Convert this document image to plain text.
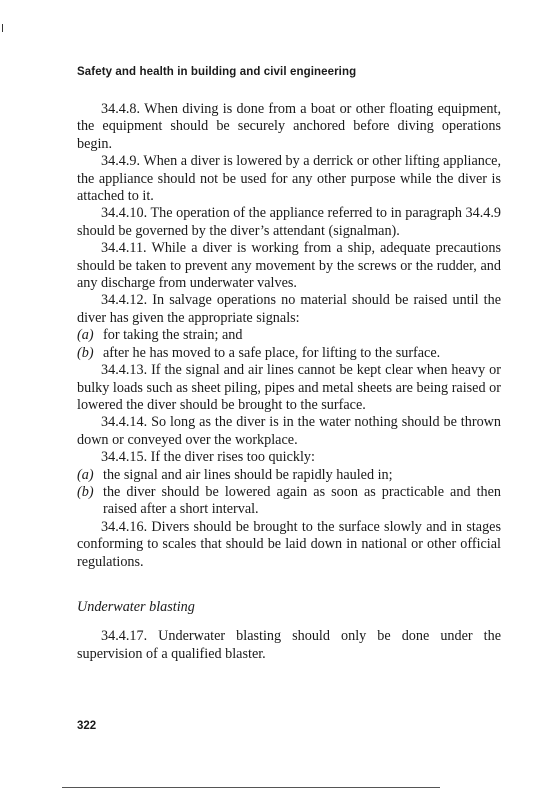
Safety and health in building and civil engineering

34.4.8. When diving is done from a boat or other floating equipment, the equipment should be securely anchored before diving operations begin.

34.4.9. When a diver is lowered by a derrick or other lifting appliance, the appliance should not be used for any other purpose while the diver is attached to it.

34.4.10. The operation of the appliance referred to in paragraph 34.4.9 should be governed by the diver’s attendant (signalman).

34.4.11. While a diver is working from a ship, adequate precautions should be taken to prevent any movement by the screws or the rudder, and any discharge from underwater valves.

34.4.12. In salvage operations no material should be raised until the diver has given the appropriate signals:

(a) for taking the strain; and

(b) after he has moved to a safe place, for lifting to the surface.

34.4.13. If the signal and air lines cannot be kept clear when heavy or bulky loads such as sheet piling, pipes and metal sheets are being raised or lowered the diver should be brought to the surface.

34.4.14. So long as the diver is in the water nothing should be thrown down or conveyed over the workplace.

34.4.15. If the diver rises too quickly:

(a) the signal and air lines should be rapidly hauled in;

(b) the diver should be lowered again as soon as practicable and then raised after a short interval.

34.4.16. Divers should be brought to the surface slowly and in stages conforming to scales that should be laid down in national or other official regulations.

Underwater blasting

34.4.17. Underwater blasting should only be done under the supervision of a qualified blaster.

322
